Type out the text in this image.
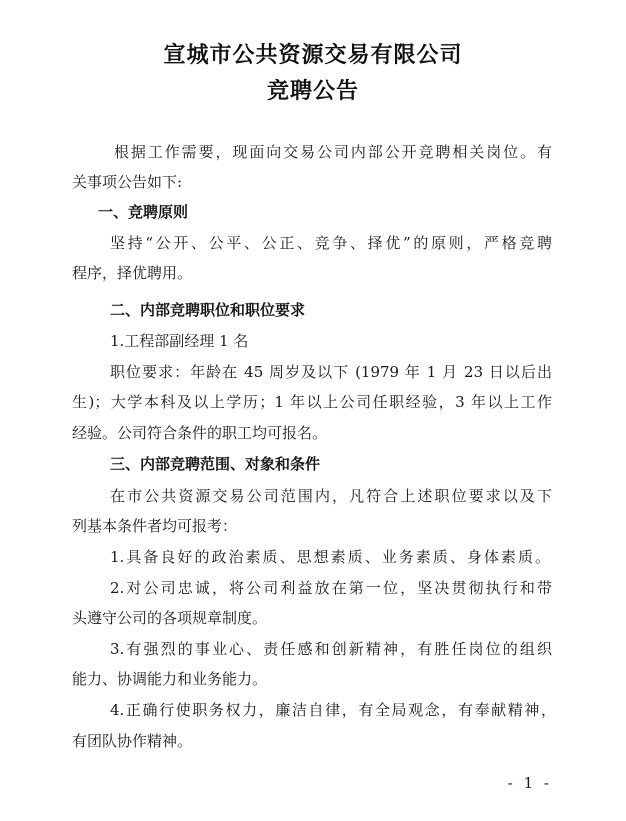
宣城市公共资源交易有限公司
竞聘公告
根据工作需要，现面向交易公司内部公开竞聘相关岗位。有
关事项公告如下:
一、竞聘原则
坚持“公开、公平、公正、竞争、择优”的原则，严格竞聘
程序，择优聘用。
二、内部竞聘职位和职位要求
1.工程部副经理 1 名
职位要求：年龄在 45 周岁及以下 (1979 年 1 月 23 日以后出
生)；大学本科及以上学历；1 年以上公司任职经验，3 年以上工作
经验。公司符合条件的职工均可报名。
三、内部竞聘范围、对象和条件
在市公共资源交易公司范围内，凡符合上述职位要求以及下
列基本条件者均可报考：
1.具备良好的政治素质、思想素质、业务素质、身体素质。
2.对公司忠诚，将公司利益放在第一位，坚决贯彻执行和带
头遵守公司的各项规章制度。
3.有强烈的事业心、责任感和创新精神，有胜任岗位的组织
能力、协调能力和业务能力。
4.正确行使职务权力，廉洁自律，有全局观念，有奉献精神，
有团队协作精神。
- 1 -
